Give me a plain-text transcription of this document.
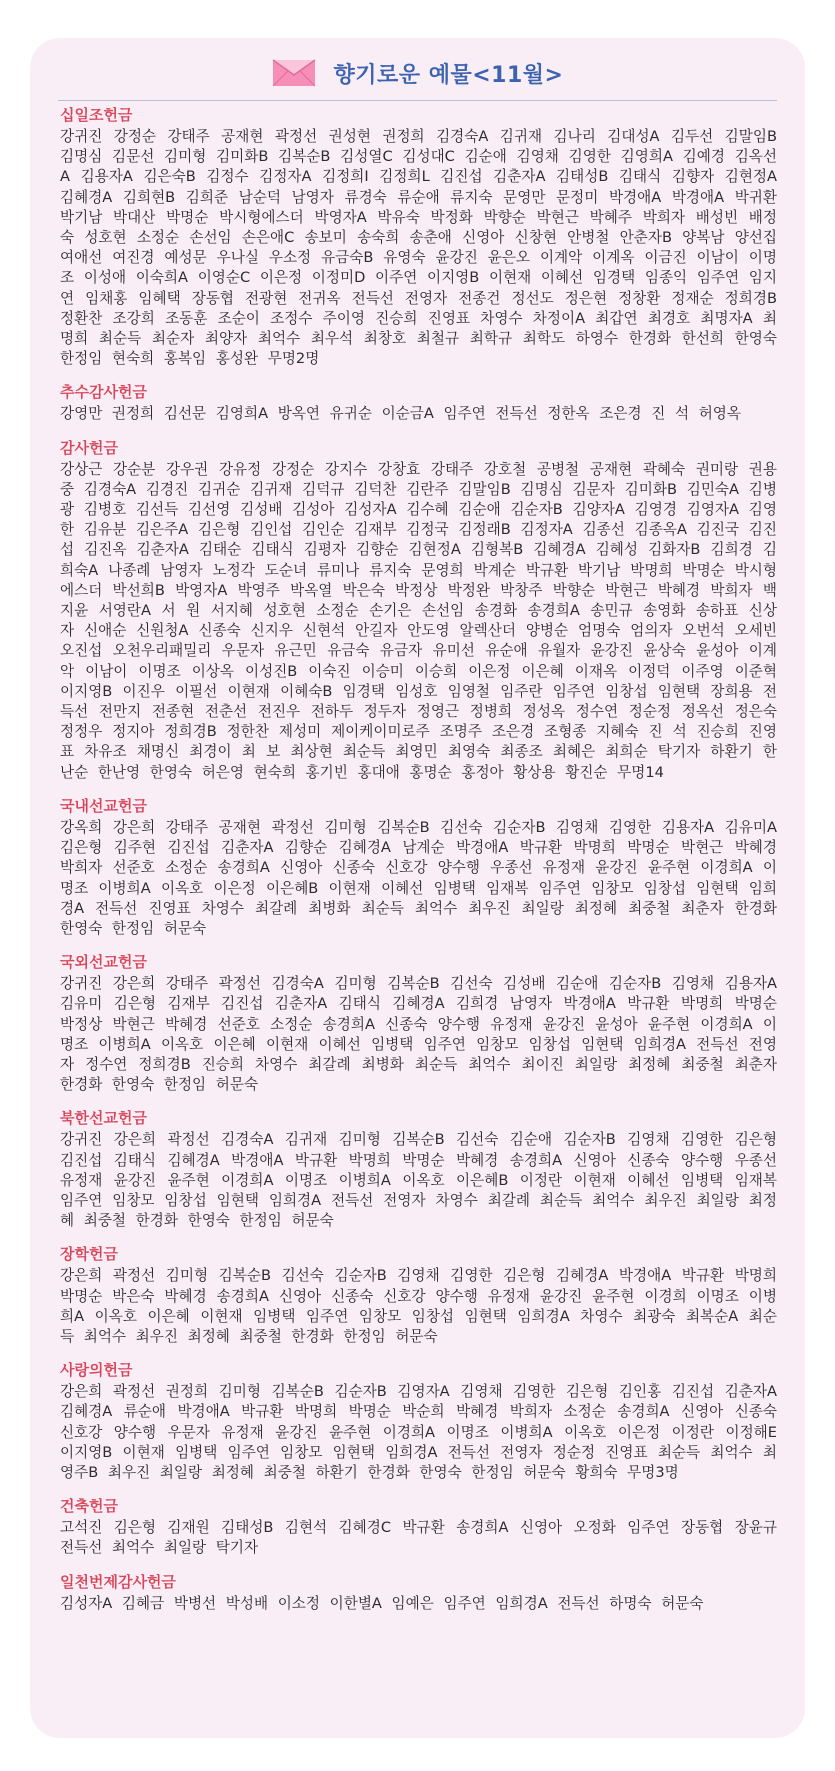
향기로운 예물<11월>
십일조헌금
강귀진 강정순 강태주 공재현 곽정선 권성현 권정희 김경숙A 김귀재 김나리 김대성A 김두선 김말임B 김명심 김문선 김미형 김미화B 김복순B 김성열C 김성대C 김순애 김영채 김영한 김영희A 김예경 김옥선A 김용자A 김은숙B 김정수 김정자A 김정희I 김정희L 김진섭 김춘자A 김태성B 김태식 김향자 김현정A 김혜경A 김희현B 김희준 남순덕 남영자 류경숙 류순애 류지숙 문영만 문정미 박경애A 박경애A 박귀환 박기남 박대산 박명순 박시형에스더 박영자A 박유숙 박정화 박향순 박현근 박혜주 박희자 배성빈 배정숙 성호현 소정순 손선임 손은애C 송보미 송숙희 송춘애 신영아 신창현 안병철 안춘자B 양복남 양선집 여애선 여진경 예성문 우나실 우소정 유금숙B 유영숙 윤강진 윤은오 이계악 이계옥 이금진 이남이 이명조 이성애 이숙희A 이영순C 이은정 이정미D 이주연 이지영B 이현재 이혜선 임경택 임종익 임주연 임지연 임채홍 임혜택 장동협 전광현 전귀옥 전득선 전영자 전종건 정선도 정은현 정창환 정재순 정희경B 정환찬 조강희 조동훈 조순이 조정수 주이영 진승희 진영표 차영수 차정이A 최갑연 최경호 최명자A 최명희 최순득 최순자 최양자 최억수 최우석 최창호 최철규 최학규 최학도 하영수 한경화 한선희 한영숙 한정임 현숙희 홍복임 홍성완 무명2명
추수감사헌금
강영만 권정희 김선문 김영희A 방옥연 유귀순 이순금A 임주연 전득선 정한옥 조은경 진 석 허영옥
감사헌금
강상근 강순분 강우권 강유정 강정순 강지수 강창효 강태주 강호철 공병철 공재현 곽혜숙 권미랑 권용중 김경숙A 김경진 김귀순 김귀재 김덕규 김덕찬 김란주 김말임B 김명심 김문자 김미화B 김민숙A 김병광 김병호 김선득 김선영 김성배 김성아 김성자A 김수혜 김순애 김순자B 김양자A 김영경 김영자A 김영한 김유분 김은주A 김은형 김인섭 김인순 김재부 김정국 김정래B 김정자A 김종선 김종옥A 김진국 김진섭 김진옥 김춘자A 김태순 김태식 김평자 김향순 김현정A 김형복B 김혜경A 김혜성 김화자B 김희경 김희숙A 나종례 남영자 노정각 도순녀 류미나 류지숙 문영희 박계순 박규환 박기남 박명희 박명순 박시형에스더 박선희B 박영자A 박영주 박옥열 박은숙 박정상 박정완 박창주 박향순 박현근 박혜경 박희자 백지윤 서영란A 서 원 서지혜 성호현 소정순 손기은 손선임 송경화 송경희A 송민규 송영화 송하표 신상자 신애순 신원청A 신종숙 신지우 신현석 안길자 안도영 알렉산더 양병순 엄명숙 엄의자 오번석 오세빈 오진섭 오천우리패밀리 우문자 유근민 유금숙 유금자 유미선 유순애 유월자 윤강진 윤상숙 윤성아 이계악 이남이 이명조 이상옥 이성진B 이숙진 이승미 이승희 이은정 이은혜 이재옥 이정덕 이주영 이준혁 이지영B 이진우 이필선 이현재 이혜숙B 임경택 임성호 임영철 임주란 임주연 임창섭 임현택 장희용 전득선 전만지 전종현 전춘선 전진우 전하두 정두자 정영근 정병희 정성옥 정수연 정순정 정옥선 정은숙 정정우 정지아 정희경B 정한찬 제성미 제이케이미로주 조명주 조은경 조형종 지혜숙 진 석 진승희 진영표 차유조 채명신 최경이 최 보 최상현 최순득 최영민 최영숙 최종조 최혜은 최희순 탁기자 하환기 한난순 한난영 한영숙 허은영 현숙희 홍기빈 홍대애 홍명순 홍정아 황상용 황진순 무명14
국내선교헌금
강옥희 강은희 강태주 공재현 곽정선 김미형 김복순B 김선숙 김순자B 김영채 김영한 김용자A 김유미A 김은형 김주현 김진섭 김춘자A 김향순 김혜경A 남계순 박경애A 박규환 박명희 박명순 박현근 박혜경 박희자 선준호 소정순 송경희A 신영아 신종숙 신호강 양수행 우종선 유정재 윤강진 윤주현 이경희A 이명조 이병희A 이옥호 이은정 이은혜B 이현재 이혜선 임병택 임재복 임주연 임창모 임창섭 임현택 임희경A 전득선 진영표 차영수 최갈례 최병화 최순득 최억수 최우진 최일랑 최정혜 최중철 최춘자 한경화 한영숙 한정임 허문숙
국외선교헌금
강귀진 강은희 강태주 곽정선 김경숙A 김미형 김복순B 김선숙 김성배 김순애 김순자B 김영채 김용자A 김유미 김은형 김재부 김진섭 김춘자A 김태식 김혜경A 김희경 남영자 박경애A 박규환 박명희 박명순 박정상 박현근 박혜경 선준호 소정순 송경희A 신종숙 양수행 유정재 윤강진 윤성아 윤주현 이경희A 이명조 이병희A 이옥호 이은혜 이현재 이혜선 임병택 임주연 임창모 임창섭 임현택 임희경A 전득선 전영자 정수연 정희경B 진승희 차영수 최갈례 최병화 최순득 최억수 최이진 최일랑 최정혜 최중철 최춘자 한경화 한영숙 한정임 허문숙
북한선교헌금
강귀진 강은희 곽정선 김경숙A 김귀재 김미형 김복순B 김선숙 김순애 김순자B 김영채 김영한 김은형 김진섭 김태식 김혜경A 박경애A 박규환 박명희 박명순 박혜경 송경희A 신영아 신종숙 양수행 우종선 유정재 윤강진 윤주현 이경희A 이명조 이병희A 이옥호 이은혜B 이정란 이현재 이혜선 임병택 임재복 임주연 임창모 임창섭 임현택 임희경A 전득선 전영자 차영수 최갈례 최순득 최억수 최우진 최일랑 최정혜 최중철 한경화 한영숙 한정임 허문숙
장학헌금
강은희 곽정선 김미형 김복순B 김선숙 김순자B 김영채 김영한 김은형 김혜경A 박경애A 박규환 박명희 박명순 박은숙 박혜경 송경희A 신영아 신종숙 신호강 양수행 유정재 윤강진 윤주현 이경희 이명조 이병희A 이옥호 이은혜 이현재 임병택 임주연 임창모 임창섭 임현택 임희경A 차영수 최광숙 최복순A 최순득 최억수 최우진 최정혜 최중철 한경화 한정임 허문숙
사랑의헌금
강은희 곽정선 권정희 김미형 김복순B 김순자B 김영자A 김영채 김영한 김은형 김인홍 김진섭 김춘자A 김혜경A 류순애 박경애A 박규환 박명희 박명순 박순희 박혜경 박희자 소정순 송경희A 신영아 신종숙 신호강 양수행 우문자 유정재 윤강진 윤주현 이경희A 이명조 이병희A 이옥호 이은정 이정란 이정해E 이지영B 이현재 임병택 임주연 임창모 임현택 임희경A 전득선 전영자 정순정 진영표 최순득 최억수 최영주B 최우진 최일랑 최정혜 최중철 하환기 한경화 한영숙 한정임 허문숙 황희숙 무명3명
건축헌금
고석진 김은형 김재원 김태성B 김현석 김혜경C 박규환 송경희A 신영아 오정화 임주연 장동협 장윤규 전득선 최억수 최일랑 탁기자
일천번제감사헌금
김성자A 김혜금 박병선 박성배 이소정 이한별A 임예은 임주연 임희경A 전득선 하명숙 허문숙
